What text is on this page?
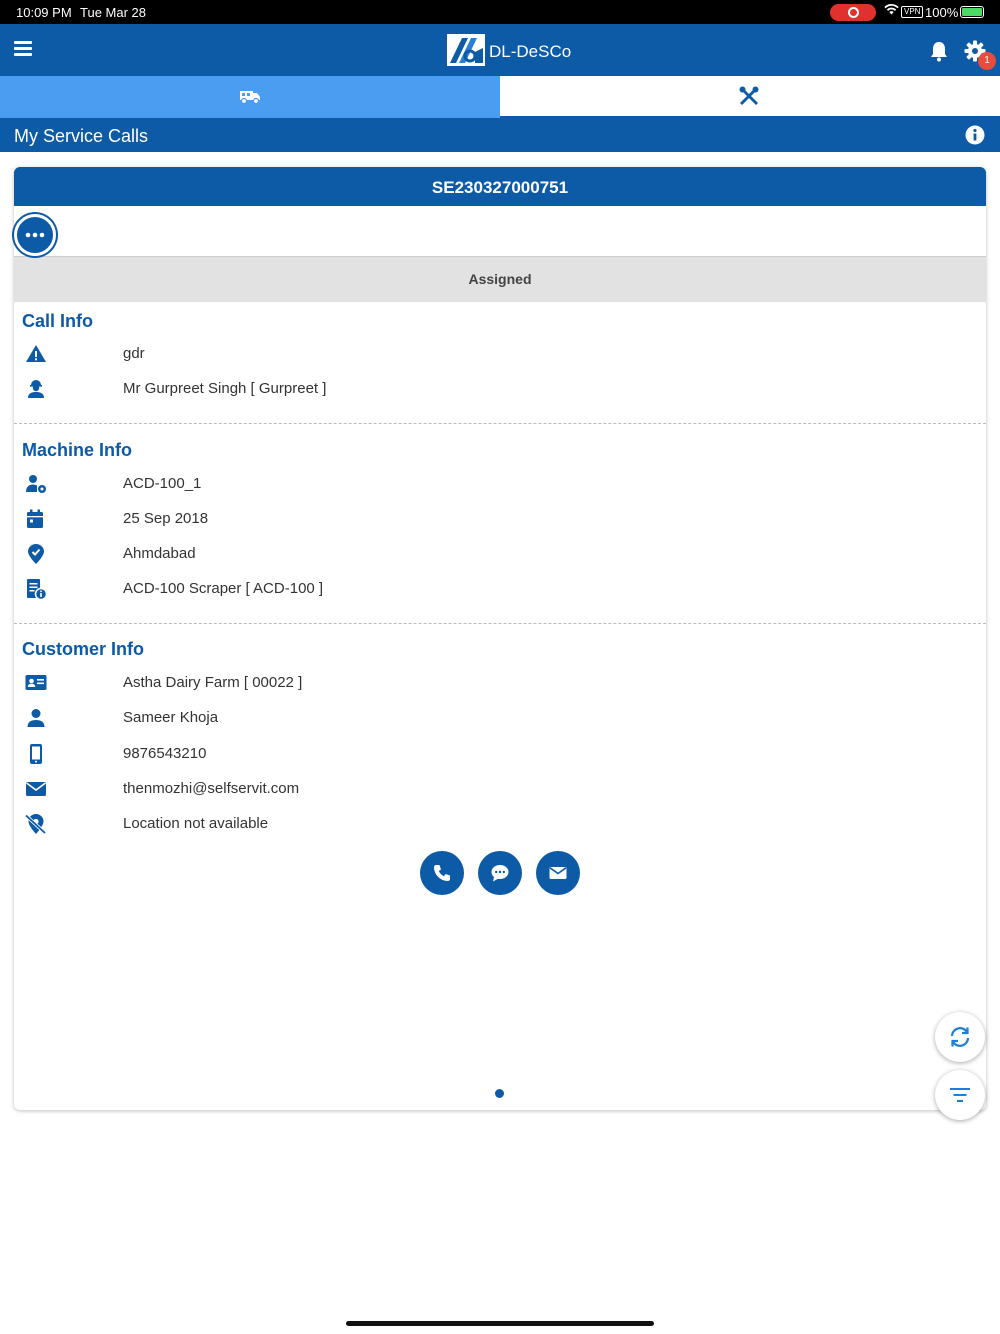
10:09 PM Tue Mar 28	VPN 100%
DL-DeSCo	1
My Service Calls
SE230327000751
Assigned
Call Info
gdr
Mr Gurpreet Singh [ Gurpreet ]
Machine Info
ACD-100_1
25 Sep 2018
Ahmdabad
ACD-100 Scraper [ ACD-100 ]
Customer Info
Astha Dairy Farm [ 00022 ]
Sameer Khoja
9876543210
thenmozhi@selfservit.com
Location not available
